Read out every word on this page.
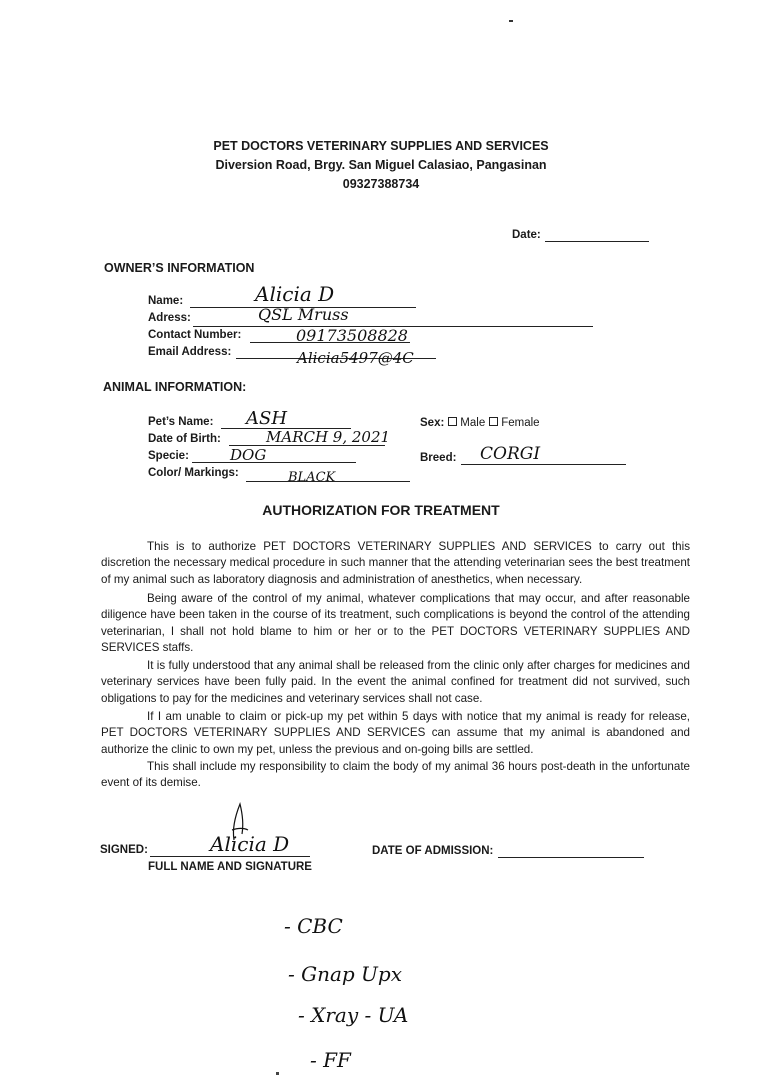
PET DOCTORS VETERINARY SUPPLIES AND SERVICES
Diversion Road, Brgy. San Miguel Calasiao, Pangasinan
09327388734
Date:
OWNER’S INFORMATION
Name:	Alicia D
Adress:	QSL Mruss
Contact Number:	09173508828
Email Address:	Alicia5497@4C
ANIMAL INFORMATION:
Pet’s Name: ASH
Date of Birth:	MARCH 9, 2021
Specie:	DOG
Color/ Markings:	BLACK
Sex: Male Female
Breed: CORGI
AUTHORIZATION FOR TREATMENT

This is to authorize PET DOCTORS VETERINARY SUPPLIES AND SERVICES to carry out this discretion the necessary medical procedure in such manner that the attending veterinarian sees the best treatment of my animal such as laboratory diagnosis and administration of anesthetics, when necessary.

Being aware of the control of my animal, whatever complications that may occur, and after reasonable diligence have been taken in the course of its treatment, such complications is beyond the control of the attending veterinarian, I shall not hold blame to him or her or to the PET DOCTORS VETERINARY SUPPLIES AND SERVICES staffs.

It is fully understood that any animal shall be released from the clinic only after charges for medicines and veterinary services have been fully paid. In the event the animal confined for treatment did not survived, such obligations to pay for the medicines and veterinary services shall not case.

If I am unable to claim or pick-up my pet within 5 days with notice that my animal is ready for release, PET DOCTORS VETERINARY SUPPLIES AND SERVICES can assume that my animal is abandoned and authorize the clinic to own my pet, unless the previous and on-going bills are settled.

This shall include my responsibility to claim the body of my animal 36 hours post-death in the unfortunate event of its demise.

SIGNED:	Alicia D
FULL NAME AND SIGNATURE
DATE OF ADMISSION:
- CBC
- Gnap Upx
- Xray - UA
- FF
